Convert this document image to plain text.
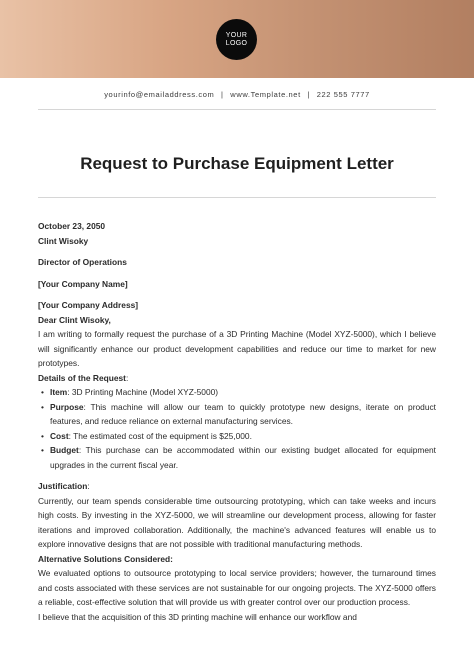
YOUR
LOGO
yourinfo@emailaddress.com | www.Template.net | 222 555 7777
Request to Purchase Equipment Letter
October 23, 2050
Clint Wisoky
Director of Operations
[Your Company Name]
[Your Company Address]
Dear Clint Wisoky,
I am writing to formally request the purchase of a 3D Printing Machine (Model XYZ-5000), which I believe will significantly enhance our product development capabilities and reduce our time to market for new prototypes.
Details of the Request:
• Item: 3D Printing Machine (Model XYZ-5000)
• Purpose: This machine will allow our team to quickly prototype new designs, iterate on product features, and reduce reliance on external manufacturing services.
• Cost: The estimated cost of the equipment is $25,000.
• Budget: This purchase can be accommodated within our existing budget allocated for equipment upgrades in the current fiscal year.
Justification:
Currently, our team spends considerable time outsourcing prototyping, which can take weeks and incurs high costs. By investing in the XYZ-5000, we will streamline our development process, allowing for faster iterations and improved collaboration. Additionally, the machine's advanced features will enable us to explore innovative designs that are not possible with traditional manufacturing methods.
Alternative Solutions Considered:
We evaluated options to outsource prototyping to local service providers; however, the turnaround times and costs associated with these services are not sustainable for our ongoing projects. The XYZ-5000 offers a reliable, cost-effective solution that will provide us with greater control over our production process.
I believe that the acquisition of this 3D printing machine will enhance our workflow and
